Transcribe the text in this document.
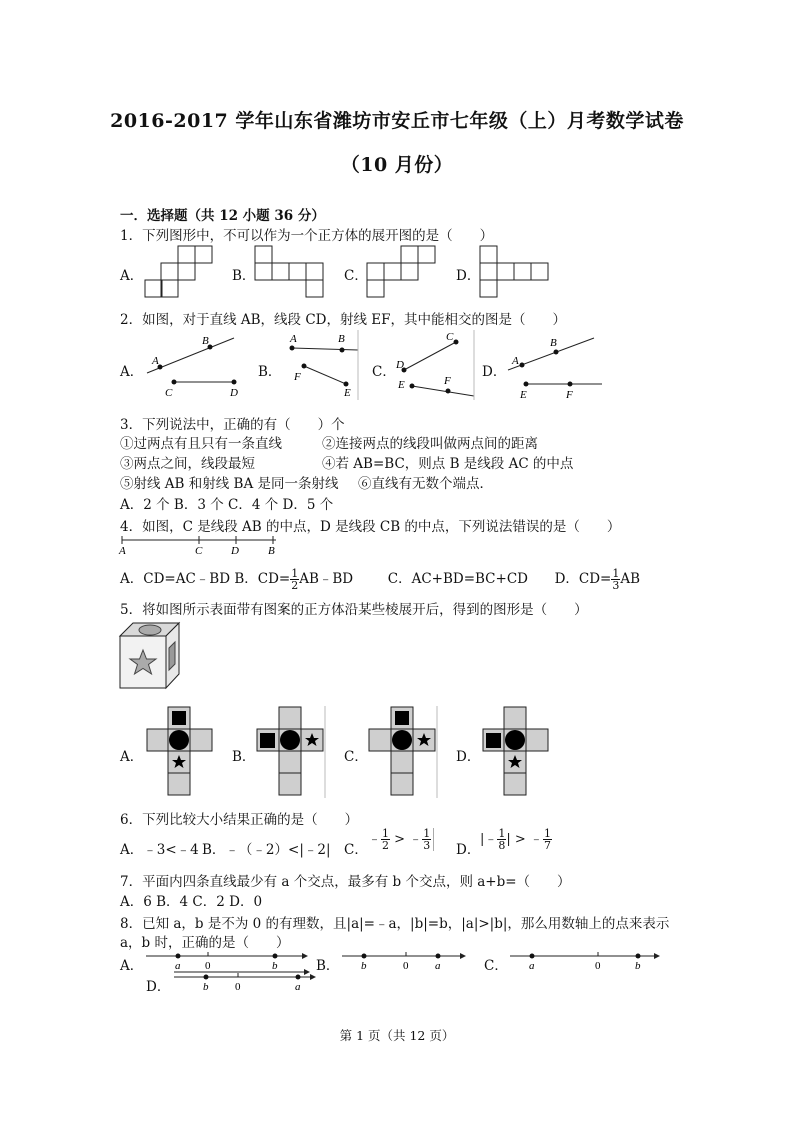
2016-2017 学年山东省潍坊市安丘市七年级（上）月考数学试卷
（10 月份）
一．选择题（共 12 小题 36 分）
1．下列图形中，不可以作为一个正方体的展开图的是（　　）
A．	B．	C．	D．
2．如图，对于直线 AB，线段 CD，射线 EF，其中能相交的图是（　　）
A．
A
B
C	D
B．
A	B
F
E
C． D
C
E	F
D．
A
B
E	F
3．下列说法中，正确的有（　　）个
①过两点有且只有一条直线	②连接两点的线段叫做两点间的距离
③两点之间，线段最短	④若 AB=BC，则点 B 是线段 AC 的中点
⑤射线 AB 和射线 BA 是同一条射线 ⑥直线有无数个端点．
A．2 个 B．3 个 C．4 个 D．5 个
4．如图，C 是线段 AB 的中点，D 是线段 CB 的中点，下列说法错误的是（　　）
A	C	D	B
A．CD=AC﹣BD B．$CD= \frac{1}{2}$ AB﹣BD	C．AC+BD=BC+CD D．$CD= \frac{1}{3}$ AB
5．将如图所示表面带有图案的正方体沿某些棱展开后，得到的图形是（　　）
A．	B．	C．	D．
6．下列比较大小结果正确的是（　　）
A．﹣3<﹣4 B．﹣（﹣2）<|﹣2| C．
﹣ $\frac{1}{2}$ > ﹣ $\frac{1}{3}$ D．
|﹣ $\frac{1}{8}$ | > ﹣ $\frac{1}{7}$
7．平面内四条直线最少有 a 个交点，最多有 b 个交点，则 a+b=（　　）
A．6 B．4 C．2 D．0
8．已知 a，b 是不为 0 的有理数，且|a|=﹣a，|b|=b，|a|>|b|，那么用数轴上的点来表示
a，b 时，正确的是（　　）
A．	a 0	b	B． b	0 a	C． a	0	b
D．	b 0	a
第 1 页（共 12 页）
